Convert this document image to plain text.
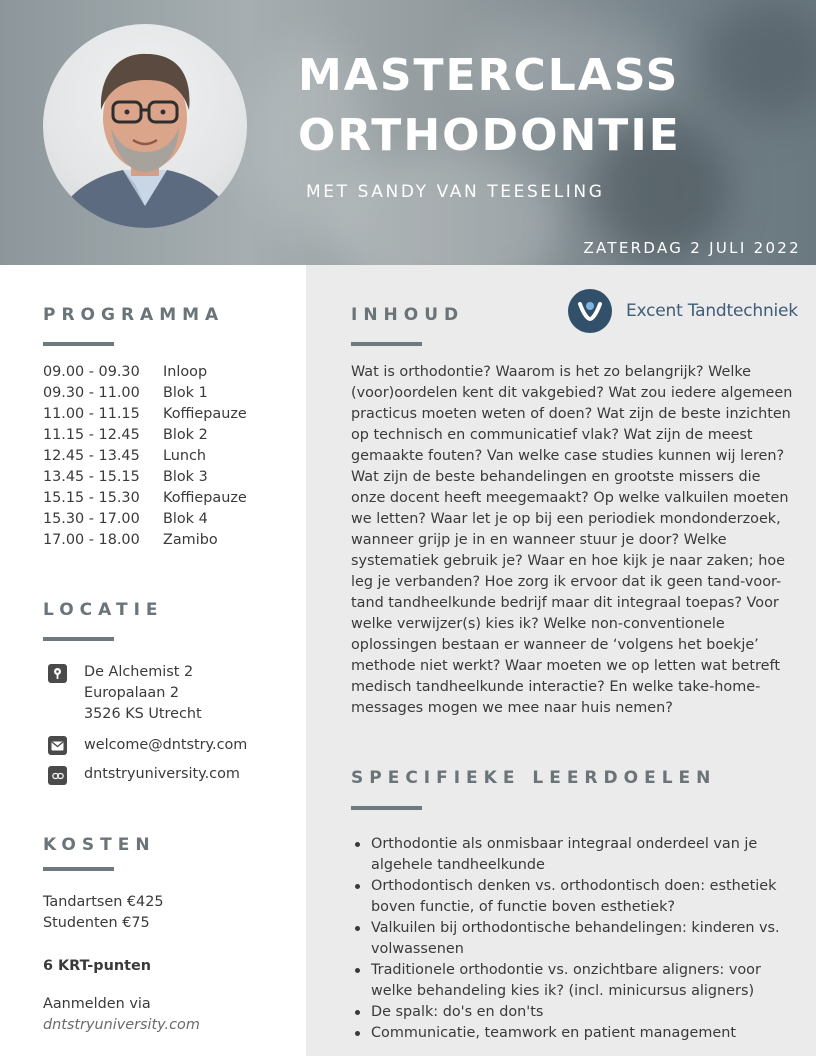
MASTERCLASS
ORTHODONTIE
MET SANDY VAN TEESELING
ZATERDAG 2 JULI 2022
PROGRAMMA
09.00 - 09.30 Inloop
09.30 - 11.00 Blok 1
11.00 - 11.15 Koffiepauze
11.15 - 12.45 Blok 2
12.45 - 13.45 Lunch
13.45 - 15.15 Blok 3
15.15 - 15.30 Koffiepauze
15.30 - 17.00 Blok 4
17.00 - 18.00 Zamibo
LOCATIE
De Alchemist 2
Europalaan 2
3526 KS Utrecht
welcome@dntstry.com
dntstryuniversity.com
KOSTEN
Tandartsen €425
Studenten €75
6 KRT-punten
Aanmelden via
dntstryuniversity.com
INHOUD	Excent Tandtechniek
Wat is orthodontie? Waarom is het zo belangrijk? Welke (voor)oordelen kent dit vakgebied? Wat zou iedere algemeen practicus moeten weten of doen? Wat zijn de beste inzichten op technisch en communicatief vlak? Wat zijn de meest gemaakte fouten? Van welke case studies kunnen wij leren? Wat zijn de beste behandelingen en grootste missers die onze docent heeft meegemaakt? Op welke valkuilen moeten we letten? Waar let je op bij een periodiek mondonderzoek, wanneer grijp je in en wanneer stuur je door? Welke systematiek gebruik je? Waar en hoe kijk je naar zaken; hoe leg je verbanden? Hoe zorg ik ervoor dat ik geen tand-voor-tand tandheelkunde bedrijf maar dit integraal toepas? Voor welke verwijzer(s) kies ik? Welke non-conventionele oplossingen bestaan er wanneer de ‘volgens het boekje’ methode niet werkt? Waar moeten we op letten wat betreft medisch tandheelkunde interactie? En welke take-home-messages mogen we mee naar huis nemen?
SPECIFIEKE LEERDOELEN
Orthodontie als onmisbaar integraal onderdeel van je algehele tandheelkunde
Orthodontisch denken vs. orthodontisch doen: esthetiek boven functie, of functie boven esthetiek?
Valkuilen bij orthodontische behandelingen: kinderen vs. volwassenen
Traditionele orthodontie vs. onzichtbare aligners: voor welke behandeling kies ik? (incl. minicursus aligners)
De spalk: do's en don'ts
Communicatie, teamwork en patient management
